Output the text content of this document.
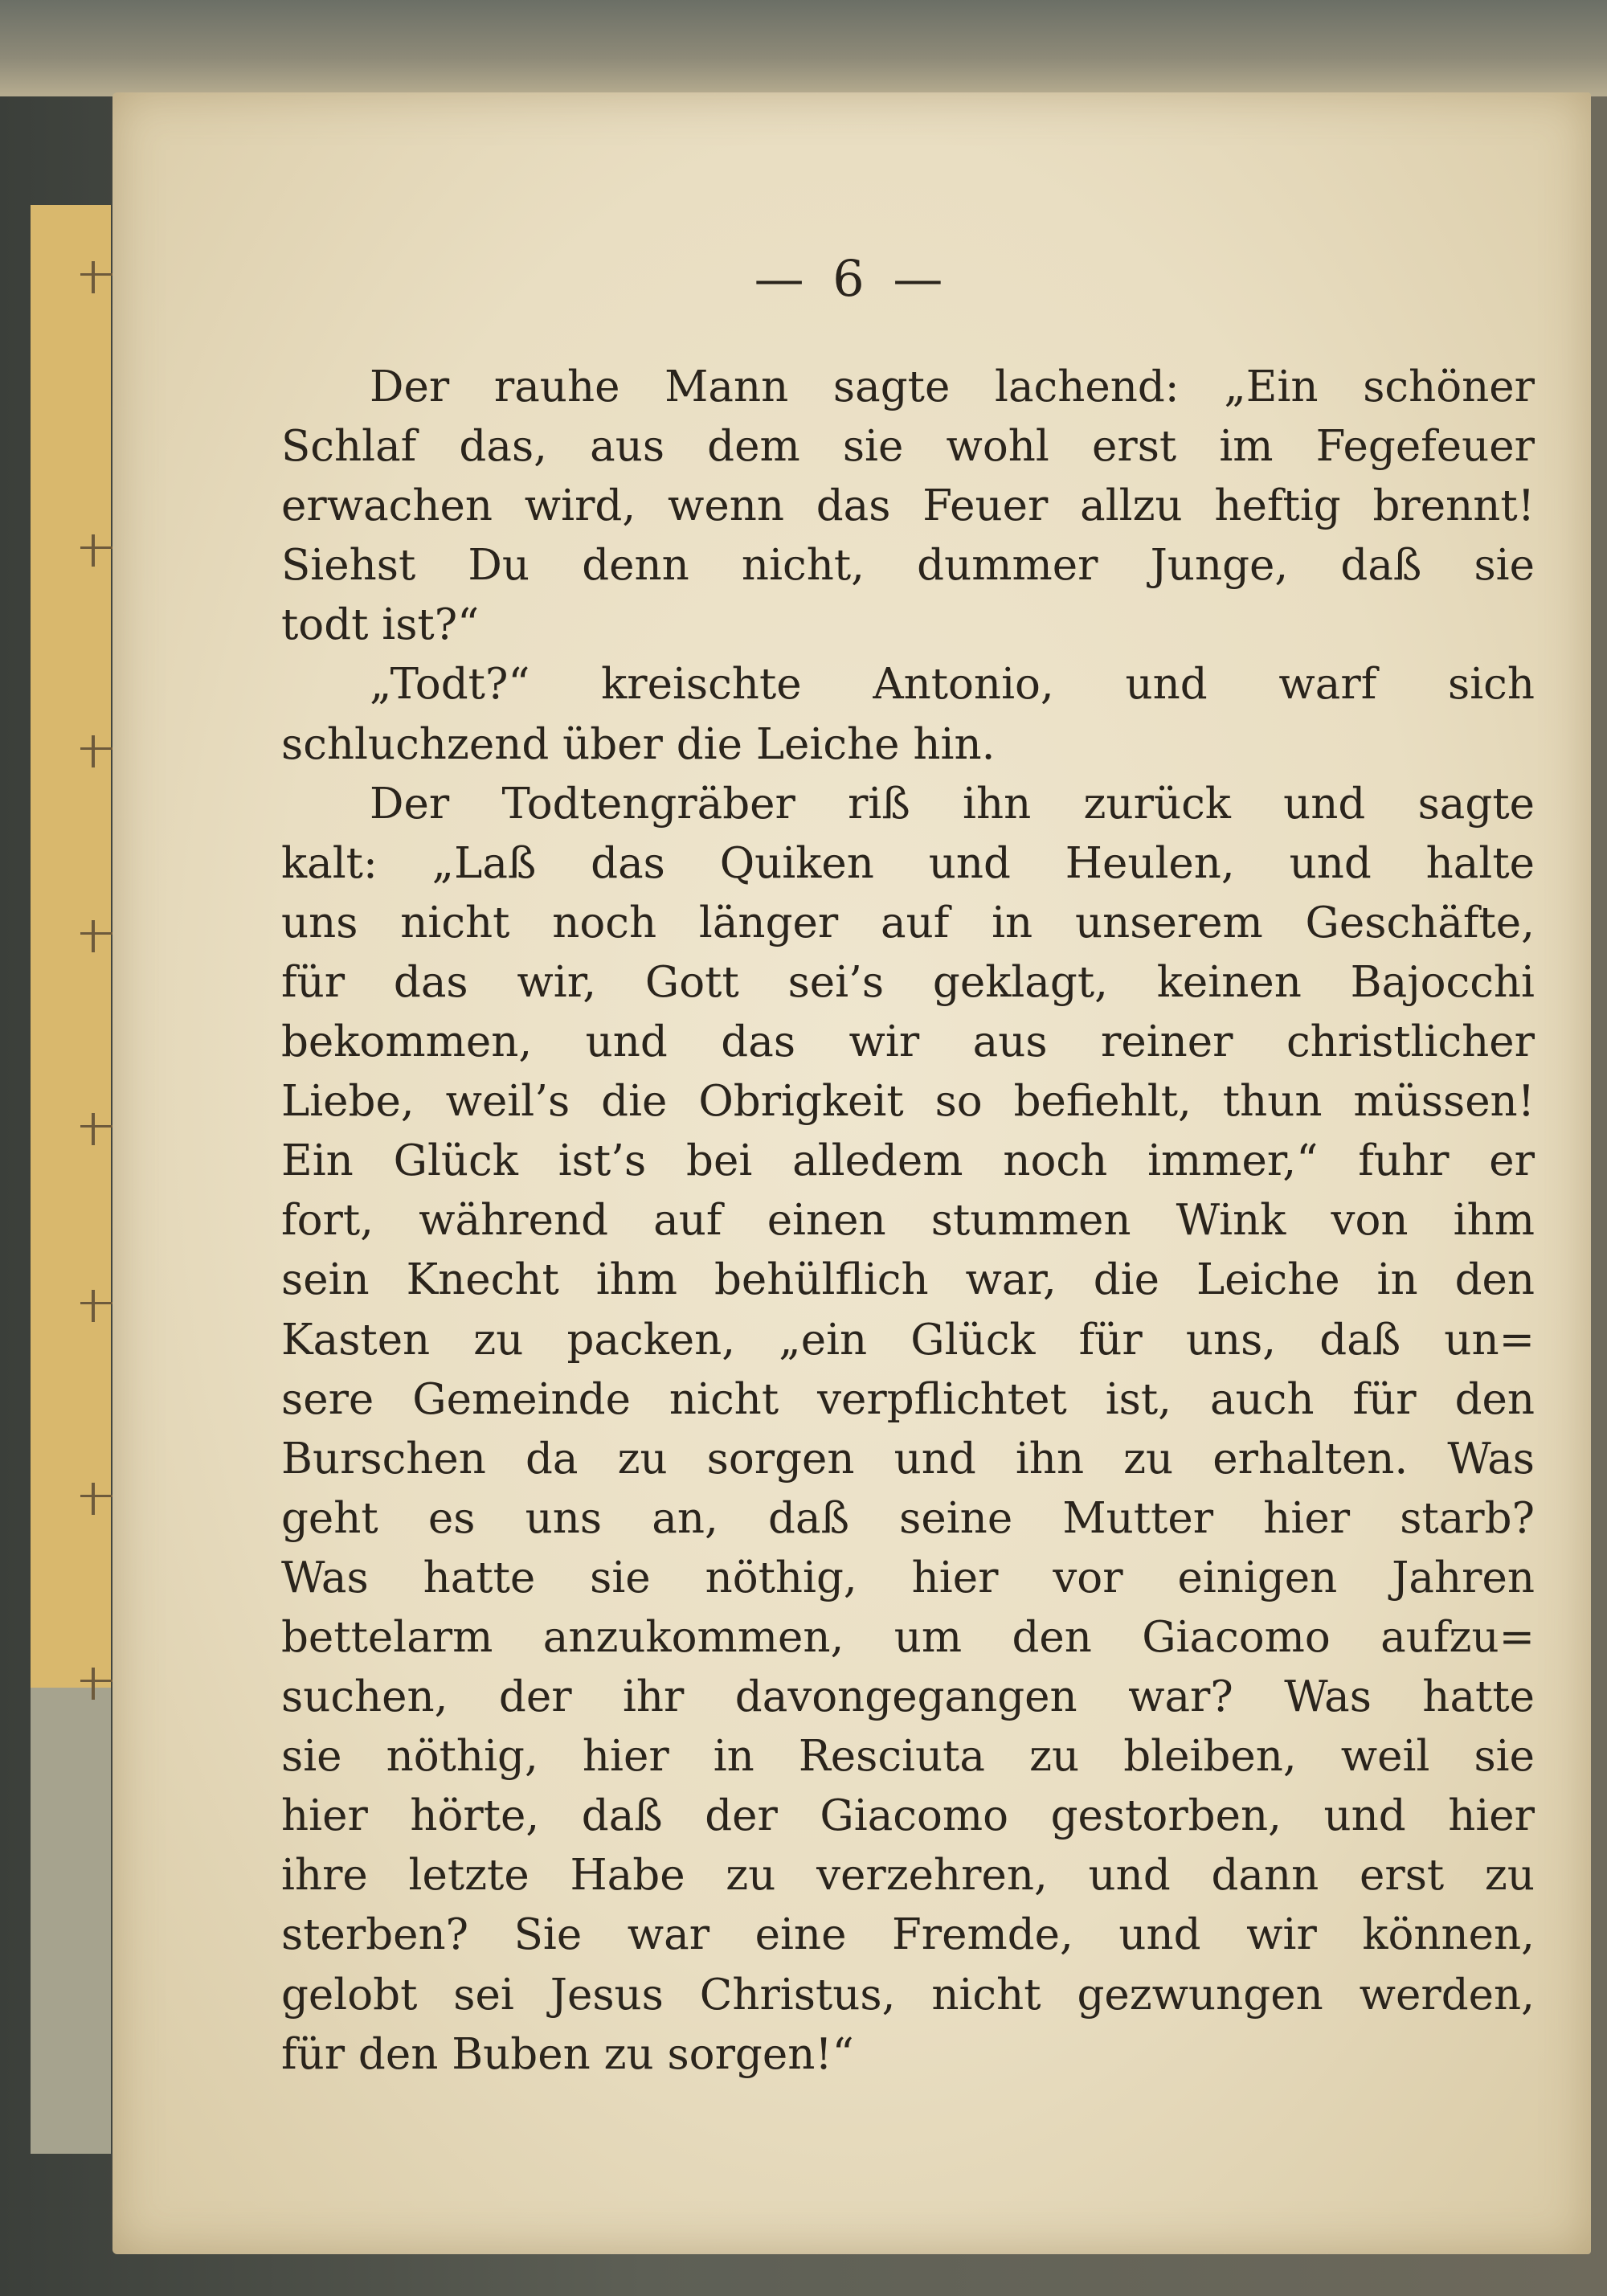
— 6 —
Der rauhe Mann sagte lachend: „Ein schöner
Schlaf das, aus dem sie wohl erst im Fegefeuer
erwachen wird, wenn das Feuer allzu heftig brennt!
Siehst Du denn nicht, dummer Junge, daß sie
todt ist?“
„Todt?“ kreischte Antonio, und warf sich
schluchzend über die Leiche hin.
Der Todtengräber riß ihn zurück und sagte
kalt: „Laß das Quiken und Heulen, und halte
uns nicht noch länger auf in unserem Geschäfte,
für das wir, Gott sei’s geklagt, keinen Bajocchi
bekommen, und das wir aus reiner christlicher
Liebe, weil’s die Obrigkeit so befiehlt, thun müssen!
Ein Glück ist’s bei alledem noch immer,“ fuhr er
fort, während auf einen stummen Wink von ihm
sein Knecht ihm behülflich war, die Leiche in den
Kasten zu packen, „ein Glück für uns, daß un=
sere Gemeinde nicht verpflichtet ist, auch für den
Burschen da zu sorgen und ihn zu erhalten. Was
geht es uns an, daß seine Mutter hier starb?
Was hatte sie nöthig, hier vor einigen Jahren
bettelarm anzukommen, um den Giacomo aufzu=
suchen, der ihr davongegangen war? Was hatte
sie nöthig, hier in Resciuta zu bleiben, weil sie
hier hörte, daß der Giacomo gestorben, und hier
ihre letzte Habe zu verzehren, und dann erst zu
sterben? Sie war eine Fremde, und wir können,
gelobt sei Jesus Christus, nicht gezwungen werden,
für den Buben zu sorgen!“
